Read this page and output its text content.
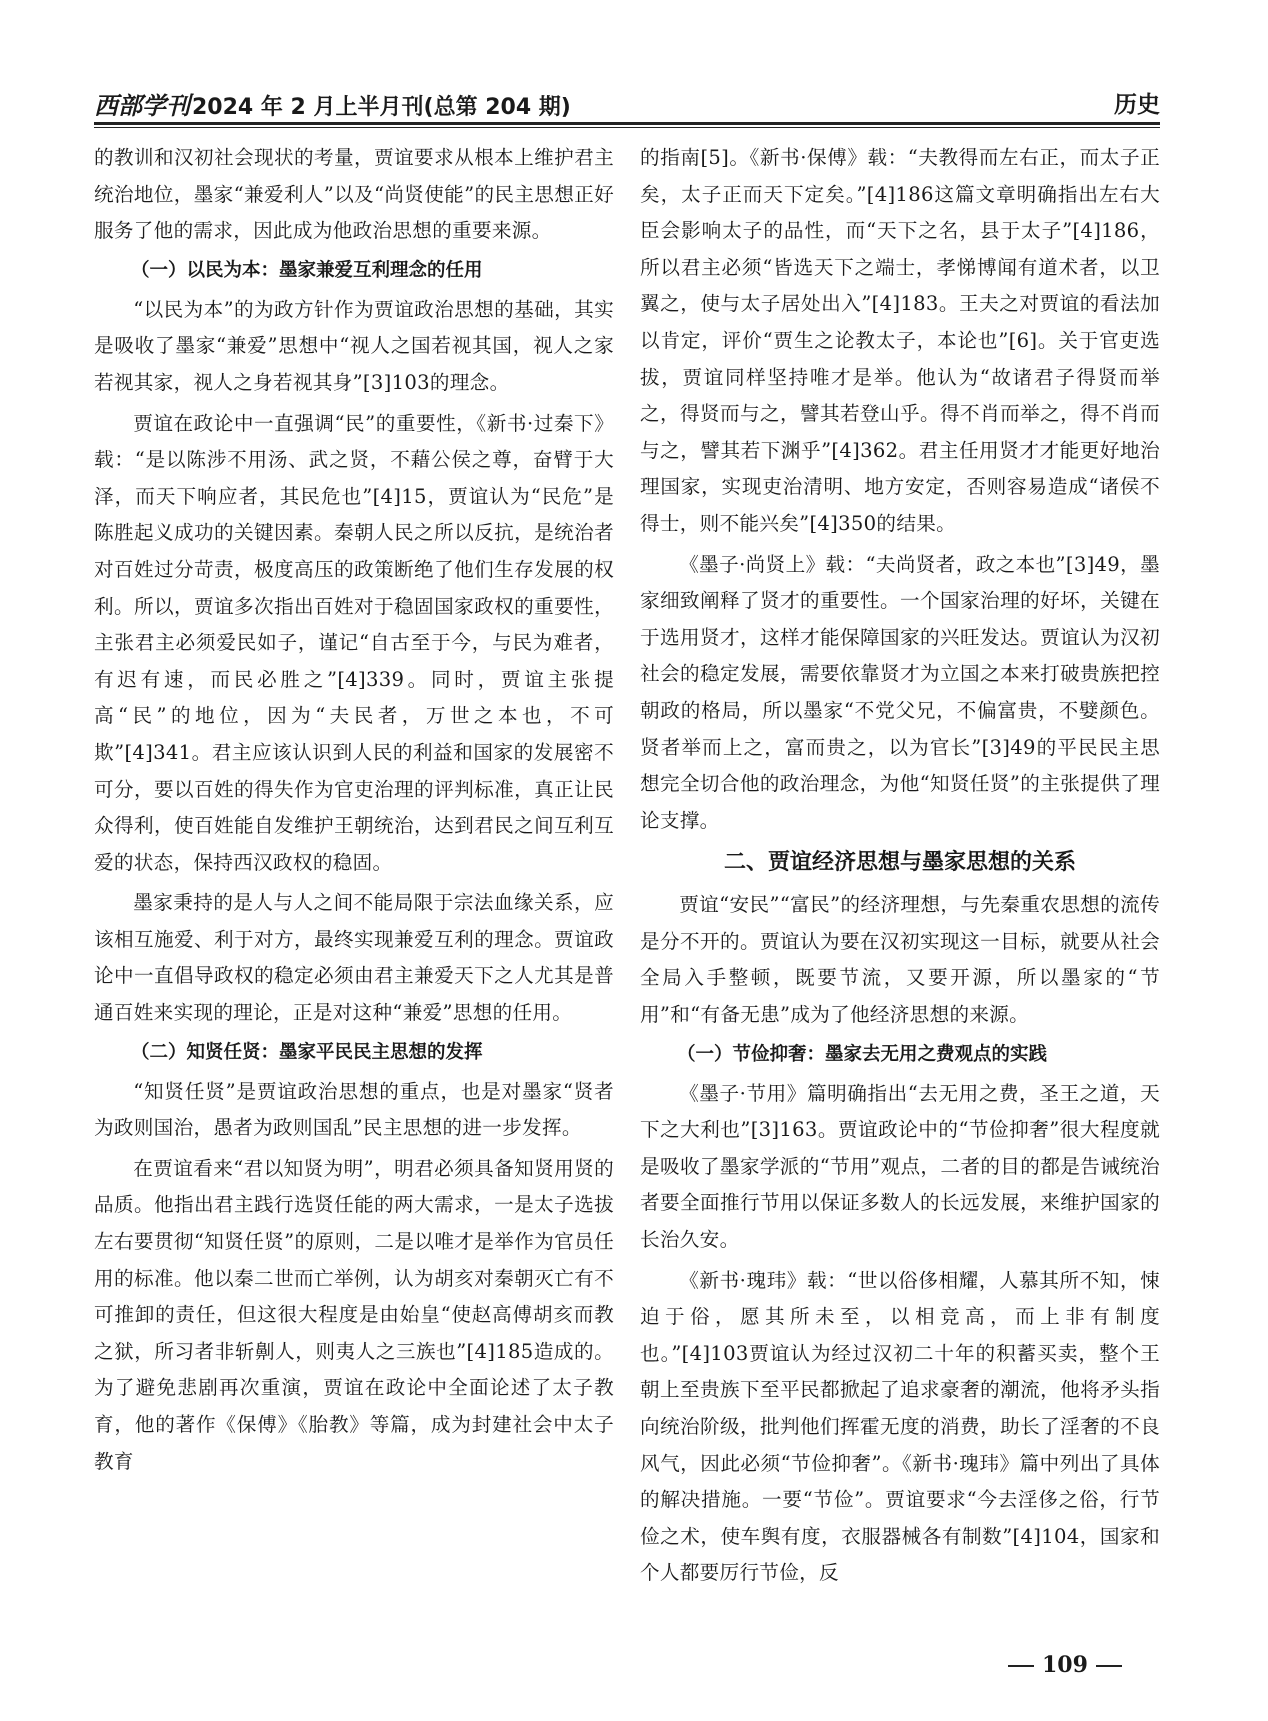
西部学刊2024 年 2 月上半月刊(总第 204 期)	历史

的教训和汉初社会现状的考量，贾谊要求从根本上维护君主统治地位，墨家“兼爱利人”以及“尚贤使能”的民主思想正好服务了他的需求，因此成为他政治思想的重要来源。

（一）以民为本：墨家兼爱互利理念的任用

“以民为本”的为政方针作为贾谊政治思想的基础，其实是吸收了墨家“兼爱”思想中“视人之国若视其国，视人之家若视其家，视人之身若视其身”[3]103的理念。

贾谊在政论中一直强调“民”的重要性，《新书·过秦下》载：“是以陈涉不用汤、武之贤，不藉公侯之尊，奋臂于大泽，而天下响应者，其民危也”[4]15，贾谊认为“民危”是陈胜起义成功的关键因素。秦朝人民之所以反抗，是统治者对百姓过分苛责，极度高压的政策断绝了他们生存发展的权利。所以，贾谊多次指出百姓对于稳固国家政权的重要性，主张君主必须爱民如子，谨记“自古至于今，与民为难者，有迟有速，而民必胜之”[4]339。同时，贾谊主张提高“民”的地位，因为“夫民者，万世之本也，不可欺”[4]341。君主应该认识到人民的利益和国家的发展密不可分，要以百姓的得失作为官吏治理的评判标准，真正让民众得利，使百姓能自发维护王朝统治，达到君民之间互利互爱的状态，保持西汉政权的稳固。

墨家秉持的是人与人之间不能局限于宗法血缘关系，应该相互施爱、利于对方，最终实现兼爱互利的理念。贾谊政论中一直倡导政权的稳定必须由君主兼爱天下之人尤其是普通百姓来实现的理论，正是对这种“兼爱”思想的任用。

（二）知贤任贤：墨家平民民主思想的发挥

“知贤任贤”是贾谊政治思想的重点，也是对墨家“贤者为政则国治，愚者为政则国乱”民主思想的进一步发挥。

在贾谊看来“君以知贤为明”，明君必须具备知贤用贤的品质。他指出君主践行选贤任能的两大需求，一是太子选拔左右要贯彻“知贤任贤”的原则，二是以唯才是举作为官员任用的标准。他以秦二世而亡举例，认为胡亥对秦朝灭亡有不可推卸的责任，但这很大程度是由始皇“使赵高傅胡亥而教之狱，所习者非斩劓人，则夷人之三族也”[4]185造成的。为了避免悲剧再次重演，贾谊在政论中全面论述了太子教育，他的著作《保傅》《胎教》等篇，成为封建社会中太子教育

的指南[5]。《新书·保傅》载：“夫教得而左右正，而太子正矣，太子正而天下定矣。”[4]186这篇文章明确指出左右大臣会影响太子的品性，而“天下之名，县于太子”[4]186，所以君主必须“皆选天下之端士，孝悌博闻有道术者，以卫翼之，使与太子居处出入”[4]183。王夫之对贾谊的看法加以肯定，评价“贾生之论教太子，本论也”[6]。关于官吏选拔，贾谊同样坚持唯才是举。他认为“故诸君子得贤而举之，得贤而与之，譬其若登山乎。得不肖而举之，得不肖而与之，譬其若下渊乎”[4]362。君主任用贤才才能更好地治理国家，实现吏治清明、地方安定，否则容易造成“诸侯不得士，则不能兴矣”[4]350的结果。

《墨子·尚贤上》载：“夫尚贤者，政之本也”[3]49，墨家细致阐释了贤才的重要性。一个国家治理的好坏，关键在于选用贤才，这样才能保障国家的兴旺发达。贾谊认为汉初社会的稳定发展，需要依靠贤才为立国之本来打破贵族把控朝政的格局，所以墨家“不党父兄，不偏富贵，不嬖颜色。贤者举而上之，富而贵之，以为官长”[3]49的平民民主思想完全切合他的政治理念，为他“知贤任贤”的主张提供了理论支撑。

二、贾谊经济思想与墨家思想的关系

贾谊“安民”“富民”的经济理想，与先秦重农思想的流传是分不开的。贾谊认为要在汉初实现这一目标，就要从社会全局入手整顿，既要节流，又要开源，所以墨家的“节用”和“有备无患”成为了他经济思想的来源。

（一）节俭抑奢：墨家去无用之费观点的实践

《墨子·节用》篇明确指出“去无用之费，圣王之道，天下之大利也”[3]163。贾谊政论中的“节俭抑奢”很大程度就是吸收了墨家学派的“节用”观点，二者的目的都是告诫统治者要全面推行节用以保证多数人的长远发展，来维护国家的长治久安。

《新书·瑰玮》载：“世以俗侈相耀，人慕其所不知，悚迫于俗，愿其所未至，以相竞高，而上非有制度也。”[4]103贾谊认为经过汉初二十年的积蓄买卖，整个王朝上至贵族下至平民都掀起了追求豪奢的潮流，他将矛头指向统治阶级，批判他们挥霍无度的消费，助长了淫奢的不良风气，因此必须“节俭抑奢”。《新书·瑰玮》篇中列出了具体的解决措施。一要“节俭”。贾谊要求“今去淫侈之俗，行节俭之术，使车舆有度，衣服器械各有制数”[4]104，国家和个人都要厉行节俭，反

109
